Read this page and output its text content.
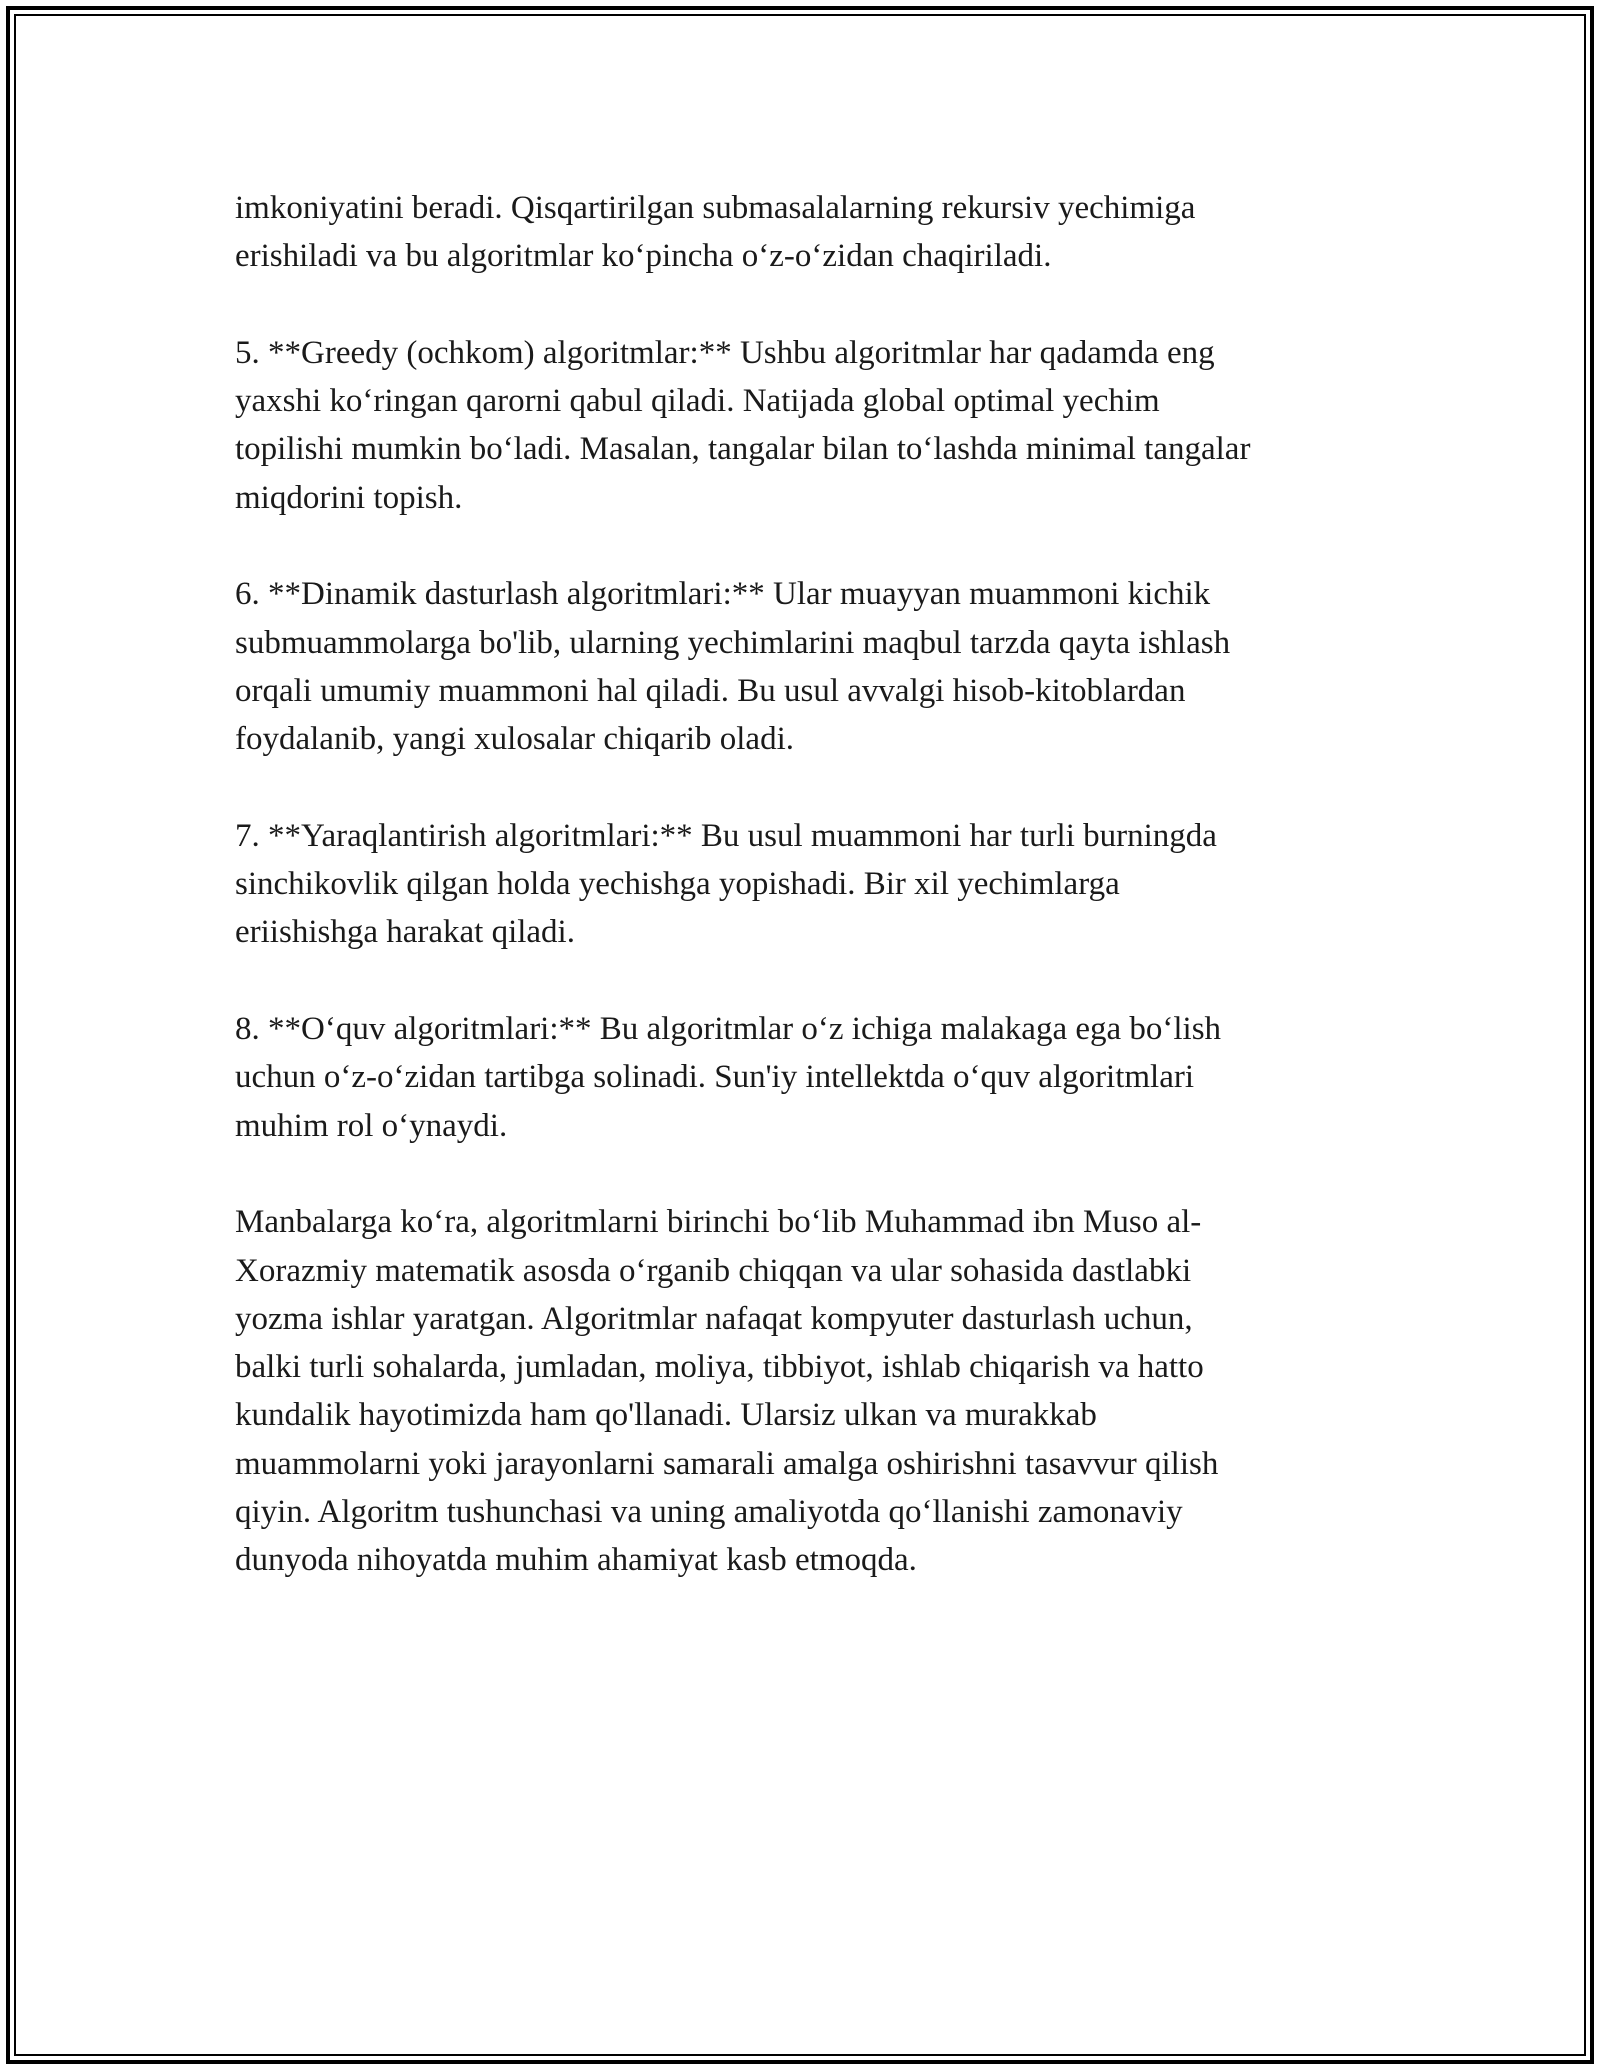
imkoniyatini beradi. Qisqartirilgan submasalalarning rekursiv yechimiga
erishiladi va bu algoritmlar ko‘pincha o‘z-o‘zidan chaqiriladi.

5. **Greedy (ochkom) algoritmlar:** Ushbu algoritmlar har qadamda eng
yaxshi ko‘ringan qarorni qabul qiladi. Natijada global optimal yechim
topilishi mumkin bo‘ladi. Masalan, tangalar bilan to‘lashda minimal tangalar
miqdorini topish.

6. **Dinamik dasturlash algoritmlari:** Ular muayyan muammoni kichik
submuammolarga bo'lib, ularning yechimlarini maqbul tarzda qayta ishlash
orqali umumiy muammoni hal qiladi. Bu usul avvalgi hisob-kitoblardan
foydalanib, yangi xulosalar chiqarib oladi.

7. **Yaraqlantirish algoritmlari:** Bu usul muammoni har turli burningda
sinchikovlik qilgan holda yechishga yopishadi. Bir xil yechimlarga
eriishishga harakat qiladi.

8. **O‘quv algoritmlari:** Bu algoritmlar o‘z ichiga malakaga ega bo‘lish
uchun o‘z-o‘zidan tartibga solinadi. Sun'iy intellektda o‘quv algoritmlari
muhim rol o‘ynaydi.

Manbalarga ko‘ra, algoritmlarni birinchi bo‘lib Muhammad ibn Muso al-
Xorazmiy matematik asosda o‘rganib chiqqan va ular sohasida dastlabki
yozma ishlar yaratgan. Algoritmlar nafaqat kompyuter dasturlash uchun,
balki turli sohalarda, jumladan, moliya, tibbiyot, ishlab chiqarish va hatto
kundalik hayotimizda ham qo'llanadi. Ularsiz ulkan va murakkab
muammolarni yoki jarayonlarni samarali amalga oshirishni tasavvur qilish
qiyin. Algoritm tushunchasi va uning amaliyotda qo‘llanishi zamonaviy
dunyoda nihoyatda muhim ahamiyat kasb etmoqda.
